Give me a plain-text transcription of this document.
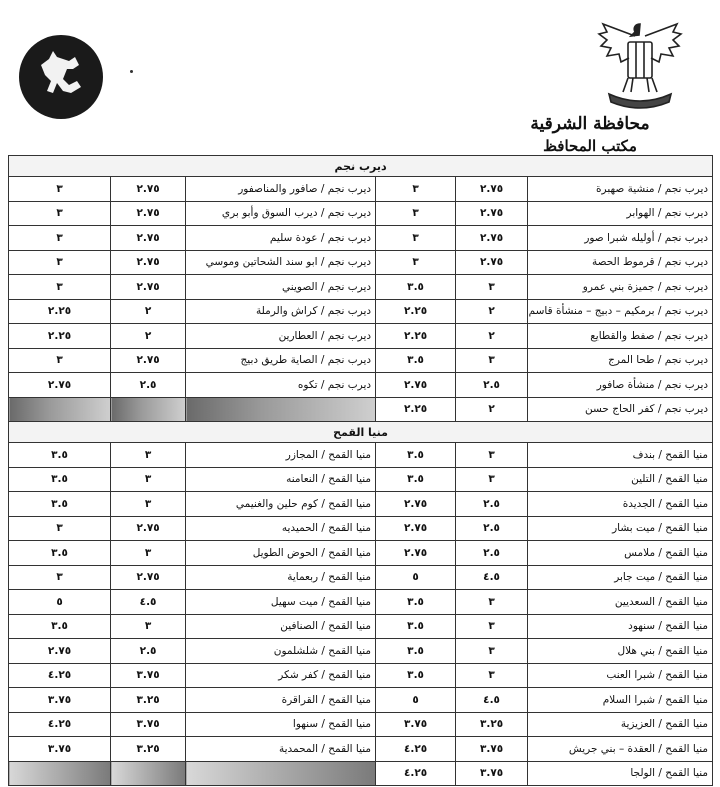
محافظة الشرقية
مكتب المحافظ
ديرب نجم					
ديرب نجم / منشية صهبرة	٢.٧٥	٣	ديرب نجم / صافور والمناصفور	٢.٧٥	٣
ديرب نجم / الهوابر	٢.٧٥	٣	ديرب نجم / ديرب السوق وأبو بري	٢.٧٥	٣
ديرب نجم / أوليله شبرا صور	٢.٧٥	٣	ديرب نجم / عودة سليم	٢.٧٥	٣
ديرب نجم / قرموط الحصة	٢.٧٥	٣	ديرب نجم / ابو سند الشحاتين وموسي	٢.٧٥	٣
ديرب نجم / جميزة بني عمرو	٣	٣.٥	ديرب نجم / الصويني	٢.٧٥	٣
ديرب نجم / برمكيم – دبيج – منشأة قاسم	٢	٢.٢٥	ديرب نجم / كراش والرملة	٢	٢.٢٥
ديرب نجم / صفط والقطايع	٢	٢.٢٥	ديرب نجم / العطارين	٢	٢.٢٥
ديرب نجم / طحا المرج	٣	٣.٥	ديرب نجم / الصاية طريق دبيج	٢.٧٥	٣
ديرب نجم / منشأة صافور	٢.٥	٢.٧٥	ديرب نجم / تكوه	٢.٥	٢.٧٥
ديرب نجم / كفر الحاج حسن	٢	٢.٢٥			
منيا القمح					
منيا القمح / بندف	٣	٣.٥	منيا القمح / المجازر	٣	٣.٥
منيا القمح / التلين	٣	٣.٥	منيا القمح / النعامنه	٣	٣.٥
منيا القمح / الجديدة	٢.٥	٢.٧٥	منيا القمح / كوم حلين والغنيمي	٣	٣.٥
منيا القمح / ميت بشار	٢.٥	٢.٧٥	منيا القمح / الحميديه	٢.٧٥	٣
منيا القمح / ملامس	٢.٥	٢.٧٥	منيا القمح / الحوض الطويل	٣	٣.٥
منيا القمح / ميت جابر	٤.٥	٥	منيا القمح / ربعماية	٢.٧٥	٣
منيا القمح / السعديين	٣	٣.٥	منيا القمح / ميت سهيل	٤.٥	٥
منيا القمح / سنهود	٣	٣.٥	منيا القمح / الصنافين	٣	٣.٥
منيا القمح / بني هلال	٣	٣.٥	منيا القمح / شلشلمون	٢.٥	٢.٧٥
منيا القمح / شبرا العنب	٣	٣.٥	منيا القمح / كفر شكر	٣.٧٥	٤.٢٥
منيا القمح / شبرا السلام	٤.٥	٥	منيا القمح / القراقرة	٣.٢٥	٣.٧٥
منيا القمح / العزيزية	٣.٢٥	٣.٧٥	منيا القمح / سنهوا	٣.٧٥	٤.٢٥
منيا القمح / العقدة – بني جريش	٣.٧٥	٤.٢٥	منيا القمح / المحمدية	٣.٢٥	٣.٧٥
منيا القمح / الولجا	٣.٧٥	٤.٢٥			
